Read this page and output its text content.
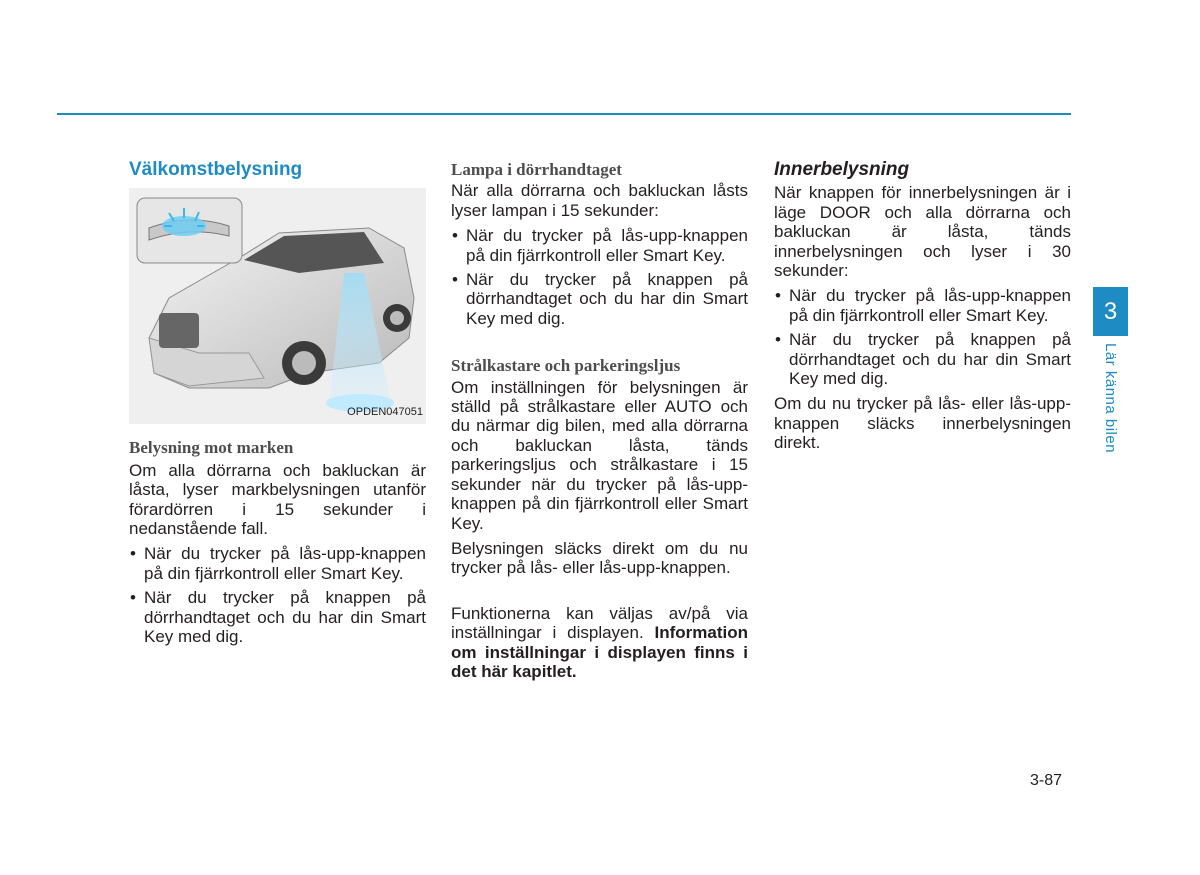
Välkomstbelysning
OPDEN047051
Belysning mot marken

Om alla dörrarna och bakluckan är låsta, lyser markbelysningen utanför förardörren i 15 sekunder i nedanstående fall.

• När du trycker på lås-upp-knappen på din fjärrkontroll eller Smart Key.
• När du trycker på knappen på dörrhandtaget och du har din Smart Key med dig.
Lampa i dörrhandtaget

När alla dörrarna och bakluckan låsts lyser lampan i 15 sekunder:

• När du trycker på lås-upp-knappen på din fjärrkontroll eller Smart Key.
• När du trycker på knappen på dörrhandtaget och du har din Smart Key med dig.
Strålkastare och parkeringsljus

Om inställningen för belysningen är ställd på strålkastare eller AUTO och du närmar dig bilen, med alla dörrarna och bakluckan låsta, tänds parkeringsljus och strålkastare i 15 sekunder när du trycker på lås-upp-knappen på din fjärrkontroll eller Smart Key.

Belysningen släcks direkt om du nu trycker på lås- eller lås-upp-knappen.

Funktionerna kan väljas av/på via inställningar i displayen. Information om inställningar i displayen finns i det här kapitlet.

Innerbelysning

När knappen för innerbelysningen är i läge DOOR och alla dörrarna och bakluckan är låsta, tänds innerbelysningen och lyser i 30 sekunder:

• När du trycker på lås-upp-knappen på din fjärrkontroll eller Smart Key.
• När du trycker på knappen på dörrhandtaget och du har din Smart Key med dig.

Om du nu trycker på lås- eller lås-upp-knappen släcks innerbelysningen direkt.

3
Lär känna bilen
3-87
